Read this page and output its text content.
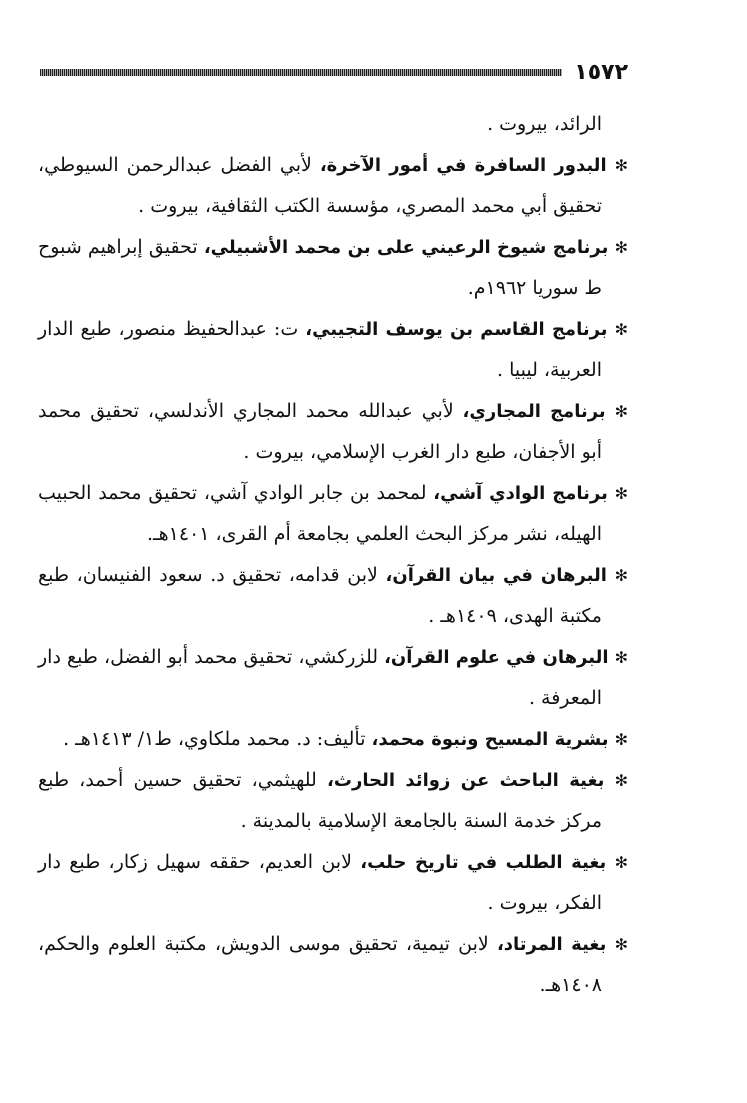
١٥٧٢
الرائد، بيروت .
✻ البدور السافرة في أمور الآخرة، لأبي الفضل عبدالرحمن السيوطي، تحقيق أبي محمد المصري، مؤسسة الكتب الثقافية، بيروت .
✻ برنامج شيوخ الرعيني على بن محمد الأشبيلي، تحقيق إبراهيم شبوح ط سوريا ١٩٦٢م.
✻ برنامج القاسم بن يوسف التجيبي، ت: عبدالحفيظ منصور، طبع الدار العربية، ليبيا .
✻ برنامج المجاري، لأبي عبدالله محمد المجاري الأندلسي، تحقيق محمد أبو الأجفان، طبع دار الغرب الإسلامي، بيروت .
✻ برنامج الوادي آشي، لمحمد بن جابر الوادي آشي، تحقيق محمد الحبيب الهيله، نشر مركز البحث العلمي بجامعة أم القرى، ١٤٠١هـ.
✻ البرهان في بيان القرآن، لابن قدامه، تحقيق د. سعود الفنيسان، طبع مكتبة الهدى، ١٤٠٩هـ .
✻ البرهان في علوم القرآن، للزركشي، تحقيق محمد أبو الفضل، طبع دار المعرفة .
✻ بشرية المسيح ونبوة محمد، تأليف: د. محمد ملكاوي، ط١/ ١٤١٣هـ .
✻ بغية الباحث عن زوائد الحارث، للهيثمي، تحقيق حسين أحمد، طبع مركز خدمة السنة بالجامعة الإسلامية بالمدينة .
✻ بغية الطلب في تاريخ حلب، لابن العديم، حققه سهيل زكار، طبع دار الفكر، بيروت .
✻ بغية المرتاد، لابن تيمية، تحقيق موسى الدويش، مكتبة العلوم والحكم، ١٤٠٨هـ.
